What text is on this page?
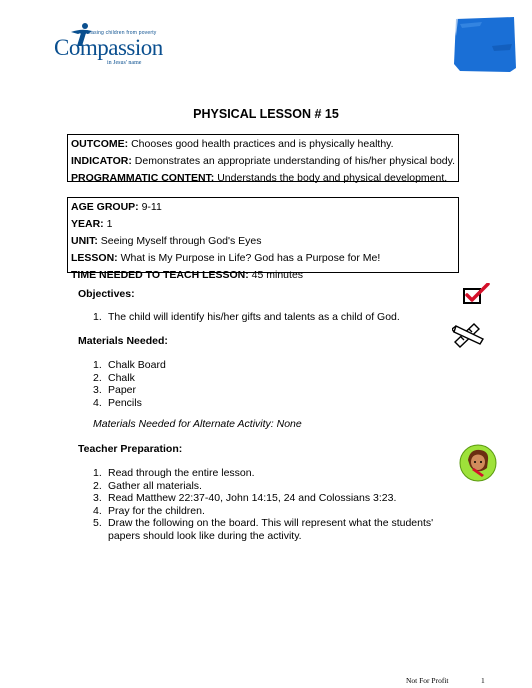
Releasing children from poverty
Compassion
in Jesus' name
PHYSICAL LESSON # 15
OUTCOME: Chooses good health practices and is physically healthy.
INDICATOR: Demonstrates an appropriate understanding of his/her physical body.
PROGRAMMATIC CONTENT: Understands the body and physical development.
AGE GROUP: 9-11
YEAR: 1
UNIT: Seeing Myself through God's Eyes
LESSON: What is My Purpose in Life? God has a Purpose for Me!
TIME NEEDED TO TEACH LESSON: 45 minutes
Objectives:
1. The child will identify his/her gifts and talents as a child of God.
Materials Needed:
1. Chalk Board
2. Chalk
3. Paper
4. Pencils
Materials Needed for Alternate Activity: None
Teacher Preparation:
1. Read through the entire lesson.
2. Gather all materials.
3. Read Matthew 22:37-40, John 14:15, 24 and Colossians 3:23.
4. Pray for the children.
5. Draw the following on the board. This will represent what the students'
papers should look like during the activity.
Not For Profit	1
